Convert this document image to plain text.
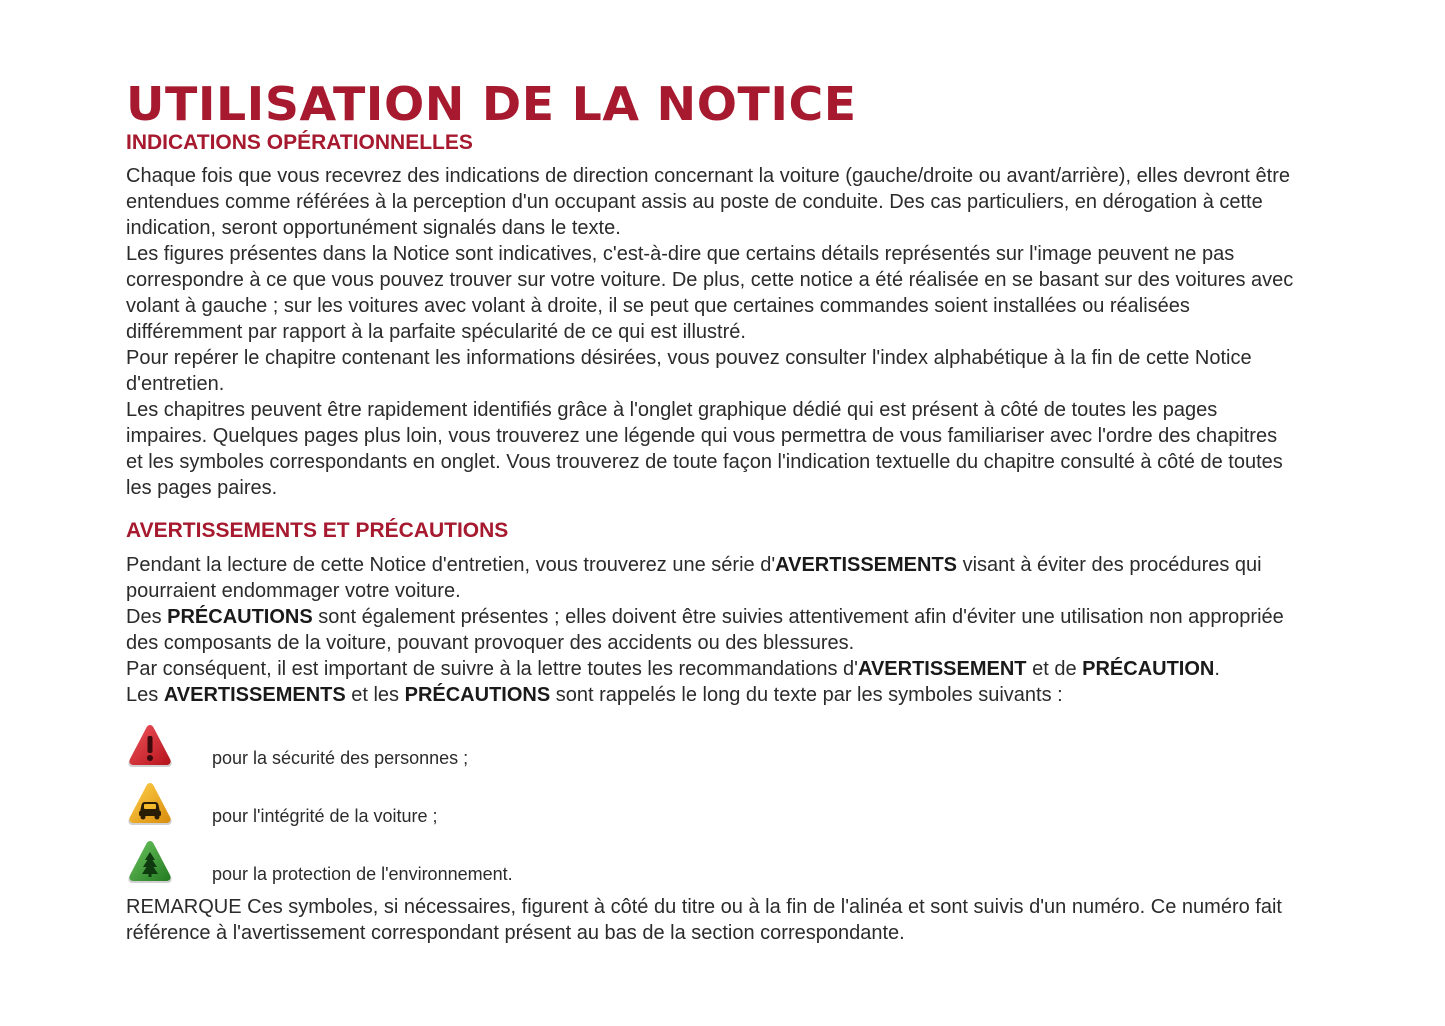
UTILISATION DE LA NOTICE
INDICATIONS OPÉRATIONNELLES

Chaque fois que vous recevrez des indications de direction concernant la voiture (gauche/droite ou avant/arrière), elles devront être entendues comme référées à la perception d'un occupant assis au poste de conduite. Des cas particuliers, en dérogation à cette indication, seront opportunément signalés dans le texte.

Les figures présentes dans la Notice sont indicatives, c'est-à-dire que certains détails représentés sur l'image peuvent ne pas correspondre à ce que vous pouvez trouver sur votre voiture. De plus, cette notice a été réalisée en se basant sur des voitures avec volant à gauche ; sur les voitures avec volant à droite, il se peut que certaines commandes soient installées ou réalisées différemment par rapport à la parfaite spécularité de ce qui est illustré.

Pour repérer le chapitre contenant les informations désirées, vous pouvez consulter l'index alphabétique à la fin de cette Notice d'entretien.

Les chapitres peuvent être rapidement identifiés grâce à l'onglet graphique dédié qui est présent à côté de toutes les pages impaires. Quelques pages plus loin, vous trouverez une légende qui vous permettra de vous familiariser avec l'ordre des chapitres et les symboles correspondants en onglet. Vous trouverez de toute façon l'indication textuelle du chapitre consulté à côté de toutes les pages paires.

AVERTISSEMENTS ET PRÉCAUTIONS

Pendant la lecture de cette Notice d'entretien, vous trouverez une série d'AVERTISSEMENTS visant à éviter des procédures qui pourraient endommager votre voiture.

Des PRÉCAUTIONS sont également présentes ; elles doivent être suivies attentivement afin d'éviter une utilisation non appropriée des composants de la voiture, pouvant provoquer des accidents ou des blessures.

Par conséquent, il est important de suivre à la lettre toutes les recommandations d'AVERTISSEMENT et de PRÉCAUTION.

Les AVERTISSEMENTS et les PRÉCAUTIONS sont rappelés le long du texte par les symboles suivants :

pour la sécurité des personnes ;
pour l'intégrité de la voiture ;
pour la protection de l'environnement.

REMARQUE Ces symboles, si nécessaires, figurent à côté du titre ou à la fin de l'alinéa et sont suivis d'un numéro. Ce numéro fait référence à l'avertissement correspondant présent au bas de la section correspondante.
